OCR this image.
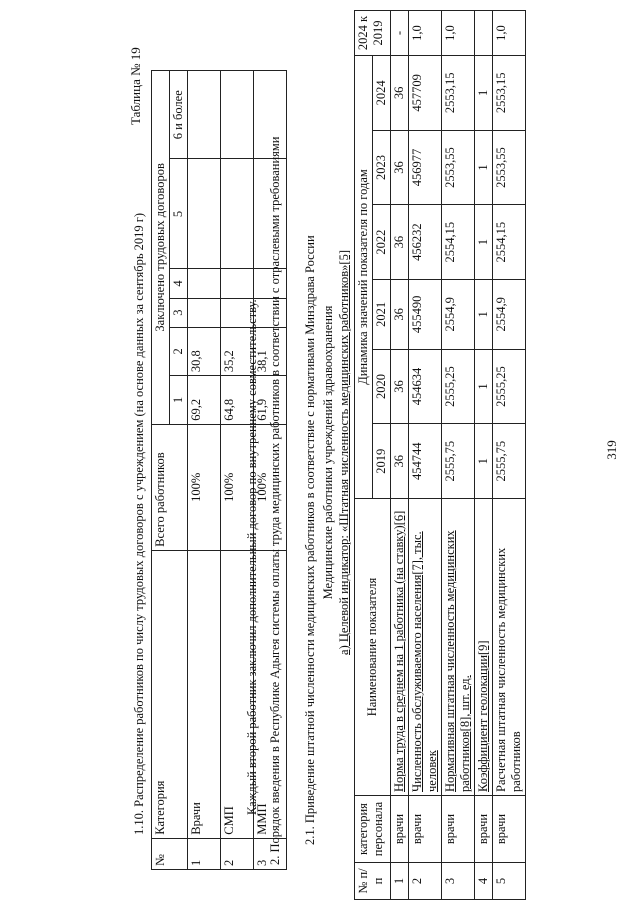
319
Таблица № 19
1.10. Распределение работников по числу трудовых договоров с учреждением (на основе данных за сентябрь 2019 г)
№	Категория	Всего работников	Заключено трудовых договоров					
			1	2	3	4	5	6 и более
1	Врачи	100%	69,2	30,8				
2	СМП	100%	64,8	35,2				
3	ММП	100%	61,9	38,1				
Каждый второй работник заключил дополнительный договор по внутреннему совместительству. 2. Порядок введения в Республике Адыгея системы оплаты труда медицинских работников в соответствии с отраслевыми требованиями 2.1. Приведение штатной численности медицинских работников в соответствие с нормативами Минздрава России Медицинские работники учреждений здравоохранения а) Целевой индикатор: «Штатная численность медицинских работников»[5]
№ п/п	категория персонала	Наименование показателя	Динамика значений показателя по годам						2024 к 2019
			2019	2020	2021	2022	2023	2024	
1	врачи	Норма труда в среднем на 1 работника (на ставку)[6]	36	36	36	36	36	36	-
2	врачи	Численность обслуживаемого населения[7], тыс. человек	454744	454634	455490	456232	456977	457709	1,0
3	врачи	Нормативная штатная численность медицинских работников[8], шт. ед.	2555,75	2555,25	2554,9	2554,15	2553,55	2553,15	1,0
4	врачи	Коэффициент геолокации[9]	1	1	1	1	1	1	
5	врачи	Расчетная штатная численность медицинских работников	2555,75	2555,25	2554,9	2554,15	2553,55	2553,15	1,0
